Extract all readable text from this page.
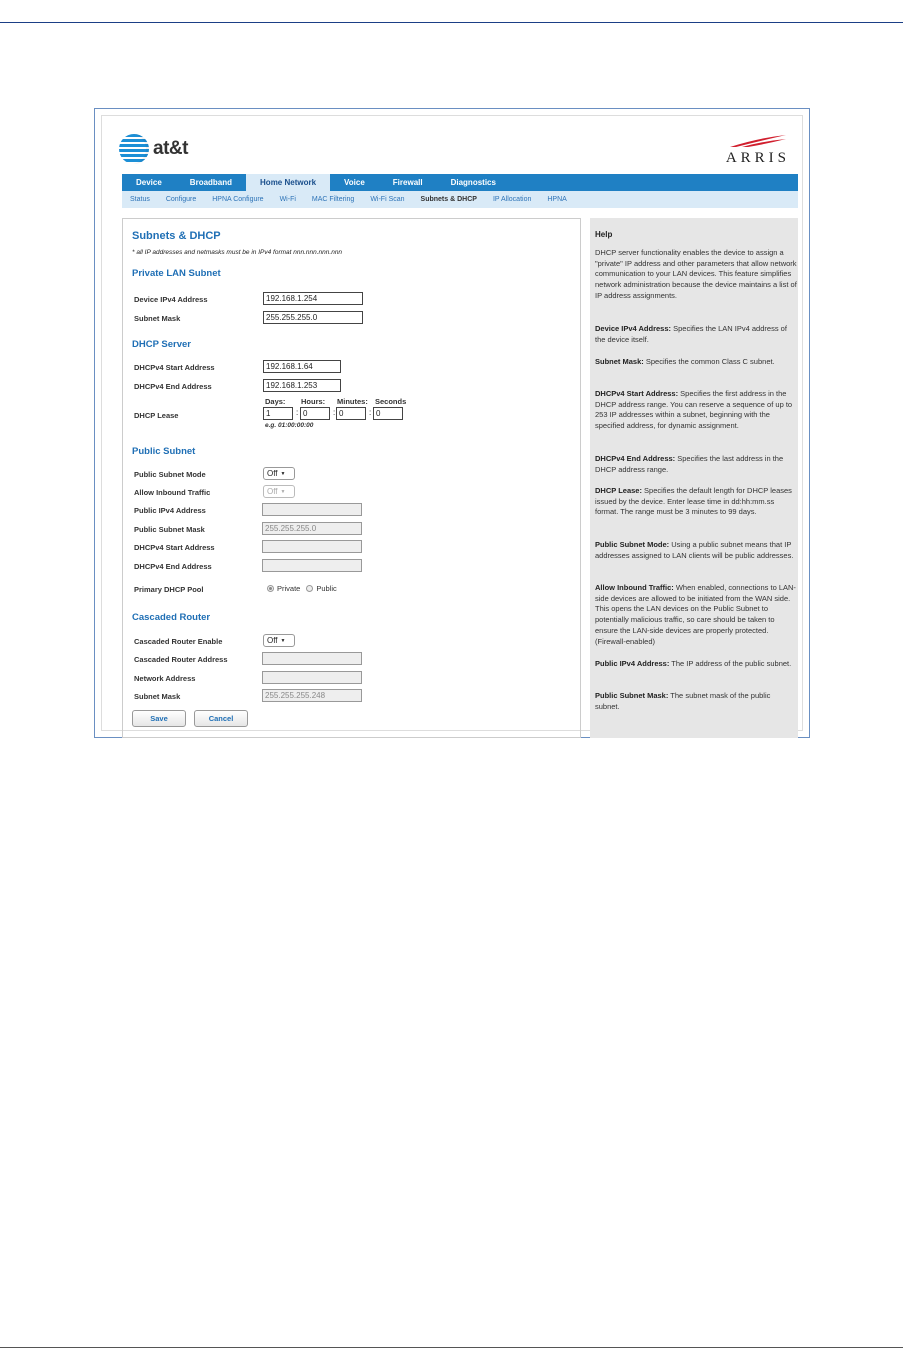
at&t	ARRIS
Device	Broadband	Home Network	Voice	Firewall	Diagnostics
Status	Configure	HPNA Configure	Wi-Fi	MAC Filtering	Wi-Fi Scan	Subnets & DHCP	IP Allocation	HPNA
Subnets & DHCP
* all IP addresses and netmasks must be in IPv4 format nnn.nnn.nnn.nnn
Private LAN Subnet
Device IPv4 Address	192.168.1.254
Subnet Mask	255.255.255.0
DHCP Server
DHCPv4 Start Address	192.168.1.64
DHCPv4 End Address	192.168.1.253
DHCP Lease
Days: Hours: Minutes: Seconds
1	: 0	: 0	: 0
e.g. 01:00:00:00
Public Subnet
Public Subnet Mode	Off ▼
Allow Inbound Traffic	Off ▼
Public IPv4 Address
Public Subnet Mask	255.255.255.0
DHCPv4 Start Address
DHCPv4 End Address
Primary DHCP Pool	Private Public
Cascaded Router
Cascaded Router Enable	Off ▼
Cascaded Router Address
Network Address
Subnet Mask	255.255.255.248
Save	Cancel
Help
DHCP server functionality enables the device to assign a "private" IP address and other parameters that allow network communication to your LAN devices. This feature simplifies network administration because the device maintains a list of IP address assignments.
Device IPv4 Address: Specifies the LAN IPv4 address of the device itself.
Subnet Mask: Specifies the common Class C subnet.
DHCPv4 Start Address: Specifies the first address in the DHCP address range. You can reserve a sequence of up to 253 IP addresses within a subnet, beginning with the specified address, for dynamic assignment.
DHCPv4 End Address: Specifies the last address in the DHCP address range.
DHCP Lease: Specifies the default length for DHCP leases issued by the device. Enter lease time in dd:hh:mm.ss format. The range must be 3 minutes to 99 days.
Public Subnet Mode: Using a public subnet means that IP addresses assigned to LAN clients will be public addresses.
Allow Inbound Traffic: When enabled, connections to LAN-side devices are allowed to be initiated from the WAN side. This opens the LAN devices on the Public Subnet to potentially malicious traffic, so care should be taken to ensure the LAN-side devices are properly protected. (Firewall-enabled)
Public IPv4 Address: The IP address of the public subnet.
Public Subnet Mask: The subnet mask of the public subnet.
